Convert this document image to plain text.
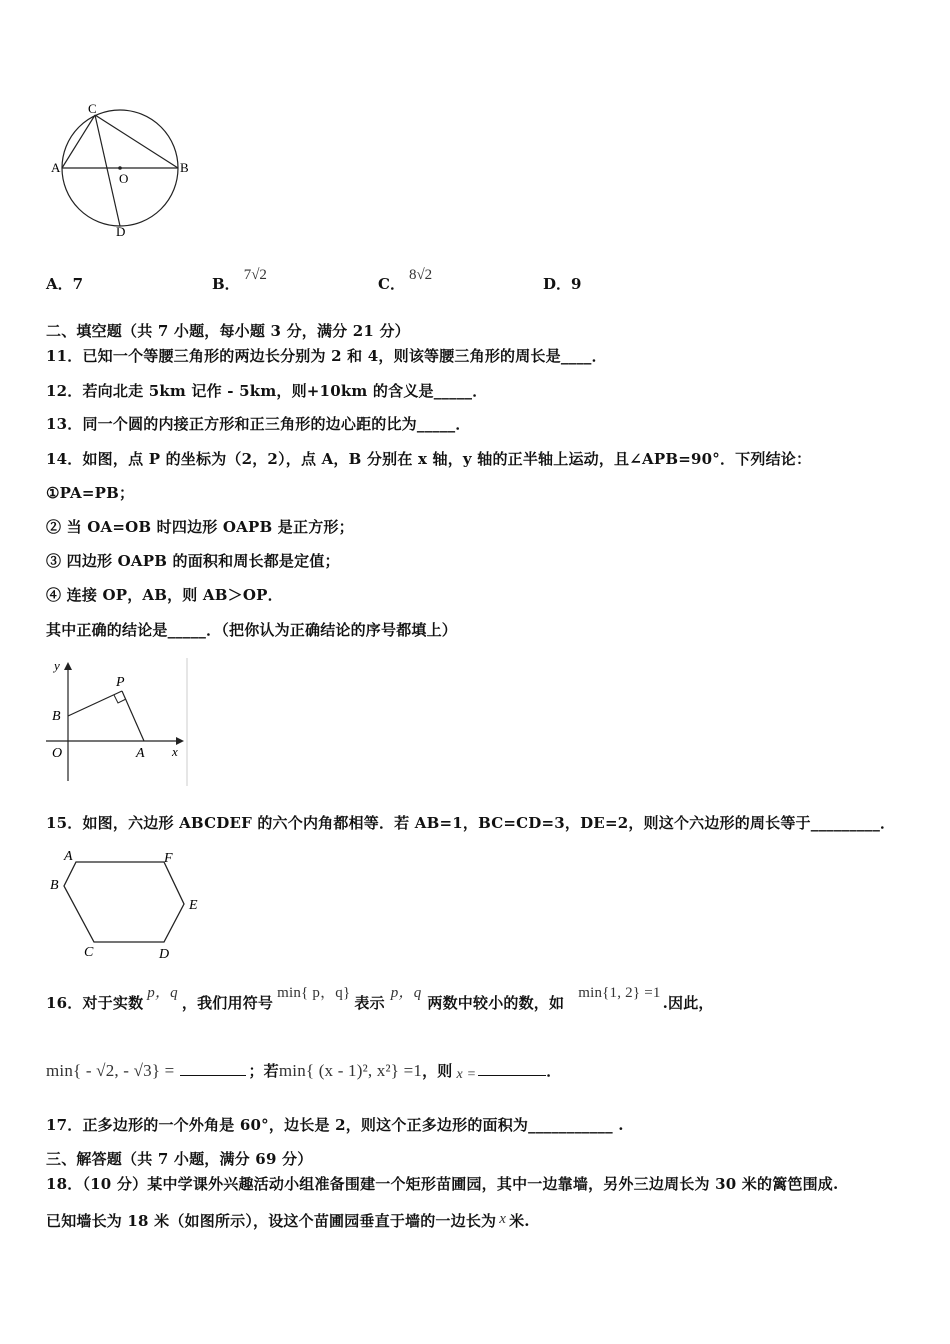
A	B
C
O
D
A．7	B． 7√2	C． 8√2	D．9
二、填空题（共 7 小题，每小题 3 分，满分 21 分）
11．已知一个等腰三角形的两边长分别为 2 和 4，则该等腰三角形的周长是____．
12．若向北走 5km 记作 - 5km，则+10km 的含义是_____．
13．同一个圆的内接正方形和正三角形的边心距的比为_____．
14．如图，点 P 的坐标为（2，2），点 A，B 分别在 x 轴，y 轴的正半轴上运动，且∠APB=90°．下列结论：
①PA=PB；
② 当 OA=OB 时四边形 OAPB 是正方形；
③ 四边形 OAPB 的面积和周长都是定值；
④ 连接 OP，AB，则 AB＞OP．
其中正确的结论是_____．（把你认为正确结论的序号都填上）
y
x
O	A
B
P
15．如图，六边形 ABCDEF 的六个内角都相等．若 AB=1，BC=CD=3，DE=2，则这个六边形的周长等于_________．
A	F
B
E
C	D
16．对于实数p，q，我们用符号min{ p，q}表示p，q两数中较小的数，如min{1, 2} =1.因此，
min{ - √2, - √3} =	；若min{ (x - 1)², x²} =1，则 x =	．
17．正多边形的一个外角是 60°，边长是 2，则这个正多边形的面积为___________ .
三、解答题（共 7 小题，满分 69 分）
18．（10 分）某中学课外兴趣活动小组准备围建一个矩形苗圃园，其中一边靠墙，另外三边周长为 30 米的篱笆围成.
已知墙长为 18 米（如图所示），设这个苗圃园垂直于墙的一边长为 x 米.
